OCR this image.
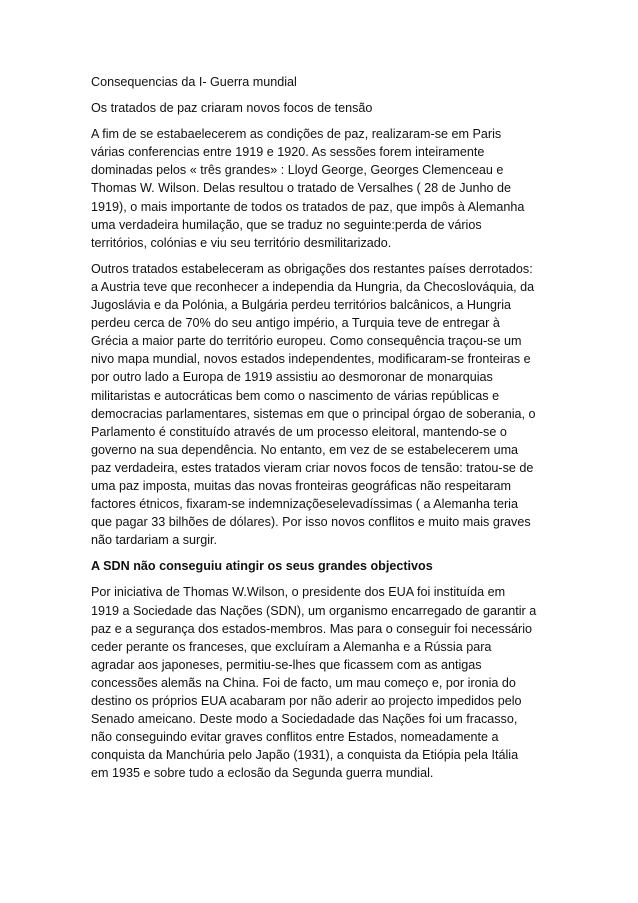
Consequencias da I- Guerra mundial

Os tratados de paz criaram novos focos de tensão

A fim de se estabaelecerem as condições de paz, realizaram-se em Paris
várias conferencias entre 1919 e 1920. As sessões forem inteiramente
dominadas pelos « três grandes» : Lloyd George, Georges Clemenceau e
Thomas W. Wilson. Delas resultou o tratado de Versalhes ( 28 de Junho de
1919), o mais importante de todos os tratados de paz, que impôs à Alemanha
uma verdadeira humilação, que se traduz no seguinte:perda de vários
territórios, colónias e viu seu território desmilitarizado.

Outros tratados estabeleceram as obrigações dos restantes países derrotados:
a Austria teve que reconhecer a independia da Hungria, da Checoslováquia, da
Jugoslávia e da Polónia, a Bulgária perdeu territórios balcânicos, a Hungria
perdeu cerca de 70% do seu antigo império, a Turquia teve de entregar à
Grécia a maior parte do território europeu. Como consequência traçou-se um
nivo mapa mundial, novos estados independentes, modificaram-se fronteiras e
por outro lado a Europa de 1919 assistiu ao desmoronar de monarquias
militaristas e autocráticas bem como o nascimento de várias repúblicas e
democracias parlamentares, sistemas em que o principal órgao de soberania, o
Parlamento é constituído através de um processo eleitoral, mantendo-se o
governo na sua dependência. No entanto, em vez de se estabelecerem uma
paz verdadeira, estes tratados vieram criar novos focos de tensão: tratou-se de
uma paz imposta, muitas das novas fronteiras geográficas não respeitaram
factores étnicos, fixaram-se indemnizaçõeselevadíssimas ( a Alemanha teria
que pagar 33 bilhões de dólares). Por isso novos conflitos e muito mais graves
não tardariam a surgir.

A SDN não conseguiu atingir os seus grandes objectivos

Por iniciativa de Thomas W.Wilson, o presidente dos EUA foi instituída em
1919 a Sociedade das Nações (SDN), um organismo encarregado de garantir a
paz e a segurança dos estados-membros. Mas para o conseguir foi necessário
ceder perante os franceses, que excluíram a Alemanha e a Rússia para
agradar aos japoneses, permitiu-se-lhes que ficassem com as antigas
concessões alemãs na China. Foi de facto, um mau começo e, por ironia do
destino os próprios EUA acabaram por não aderir ao projecto impedidos pelo
Senado ameicano. Deste modo a Sociedadade das Nações foi um fracasso,
não conseguindo evitar graves conflitos entre Estados, nomeadamente a
conquista da Manchúria pelo Japão (1931), a conquista da Etiópia pela Itália
em 1935 e sobre tudo a eclosão da Segunda guerra mundial.
